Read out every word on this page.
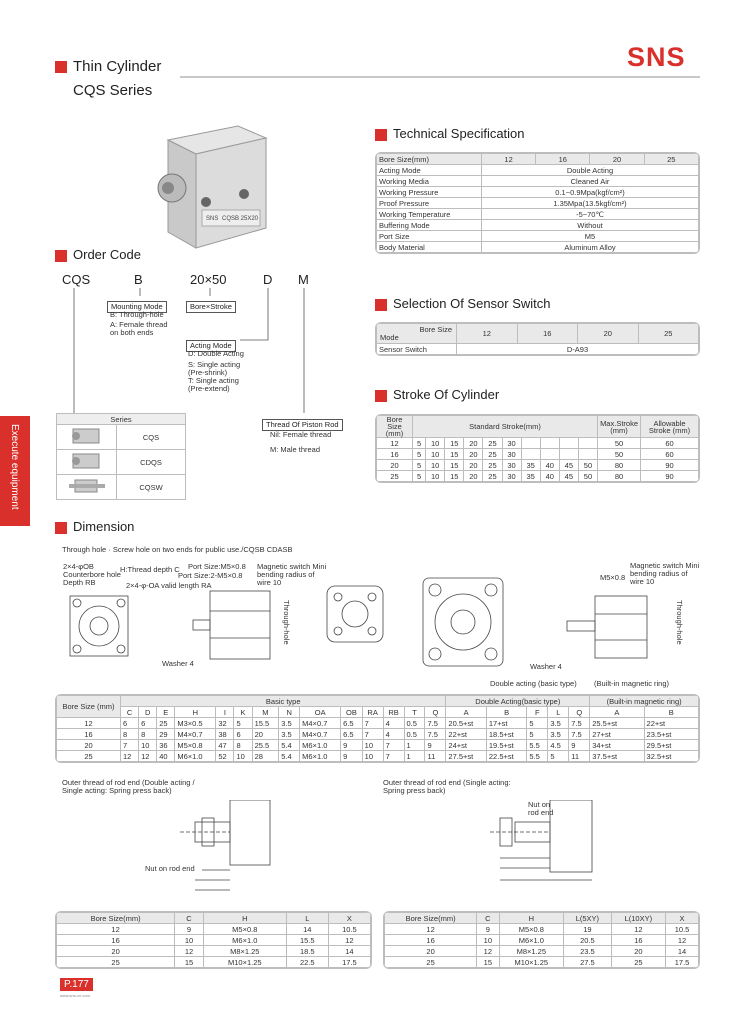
Thin Cylinder
CQS Series
SNS
SNS CQSB 25X20
Execute equipment
Technical Specification
Bore Size(mm)	12	16	20	25
Acting Mode	Double Acting			
Working Media	Cleaned Air			
Working Pressure	0.1~0.9Mpa(kgf/cm²)			
Proof Pressure	1.35Mpa(13.5kgf/cm²)			
Working Temperature	-5~70℃			
Buffering Mode	Without			
Port Size	M5			
Body Material	Aluminum Alloy			
Selection Of Sensor Switch
Bore Size
Mode	12	16	20	25
Sensor Switch	D-A93			
Stroke Of Cylinder
Bore Size (mm)	Standard Stroke(mm)										Max.Stroke (mm)	Allowable Stroke (mm)
12	5	10	15	20	25	30					50	60
16	5	10	15	20	25	30					50	60
20	5	10	15	20	25	30	35	40	45	50	80	90
25	5	10	15	20	25	30	35	40	45	50	80	90
Order Code
CQS	B	20×50	D M
Mounting Mode
B: Through-hole
A: Female thread on both ends
Bore×Stroke
Acting Mode
D: Double Acting
S: Single acting (Pre-shrink)
T: Single acting (Pre-extend)
Thread Of Piston Rod
Nil: Female thread
M: Male thread
Series	
	CQS
	CDQS
	CQSW
Dimension
Through hole · Screw hole on two ends for public use./CQSB CDASB
2×4-φOB Counterbore hole Depth RB
H:Thread depth C
2×4-φ-OA valid length RA
Port Size:M5×0.8
Port Size:2-M5×0.8
Magnetic switch Mini bending radius of wire 10
Through-hole
Washer 4
Magnetic switch Mini bending radius of wire 10
M5×0.8
Through-hole
Washer 4
Double acting (basic type) (Built-in magnetic ring)
Bore Size (mm)	Basic type														Double Acting(basic type)					(Built-in magnetic ring)	
	C	D	E	H	I	K	M	N	OA	OB	RA	RB	T	Q	A	B	F	L	Q	A	B
12	6	6	25	M3×0.5	32	5	15.5	3.5	M4×0.7	6.5	7	4	0.5	7.5	20.5+st	17+st	5	3.5	7.5	25.5+st	22+st
16	8	8	29	M4×0.7	38	6	20	3.5	M4×0.7	6.5	7	4	0.5	7.5	22+st	18.5+st	5	3.5	7.5	27+st	23.5+st
20	7	10	36	M5×0.8	47	8	25.5	5.4	M6×1.0	9	10	7	1	9	24+st	19.5+st	5.5	4.5	9	34+st	29.5+st
25	12	12	40	M6×1.0	52	10	28	5.4	M6×1.0	9	10	7	1	11	27.5+st	22.5+st	5.5	5	11	37.5+st	32.5+st
Outer thread of rod end (Double acting / Single acting: Spring press back)
Outer thread of rod end (Single acting: Spring press back)
Nut on rod end
Nut on rod end
Bore Size(mm)	C	H	L	X
12	9	M5×0.8	14	10.5
16	10	M6×1.0	15.5	12
20	12	M8×1.25	18.5	14
25	15	M10×1.25	22.5	17.5
Bore Size(mm)	C	H	L(5XY)	L(10XY)	X
12	9	M5×0.8	19	12	10.5
16	10	M6×1.0	20.5	16	12
20	12	M8×1.25	23.5	20	14
25	15	M10×1.25	27.5	25	17.5
P.177
www.sns-cn.com
